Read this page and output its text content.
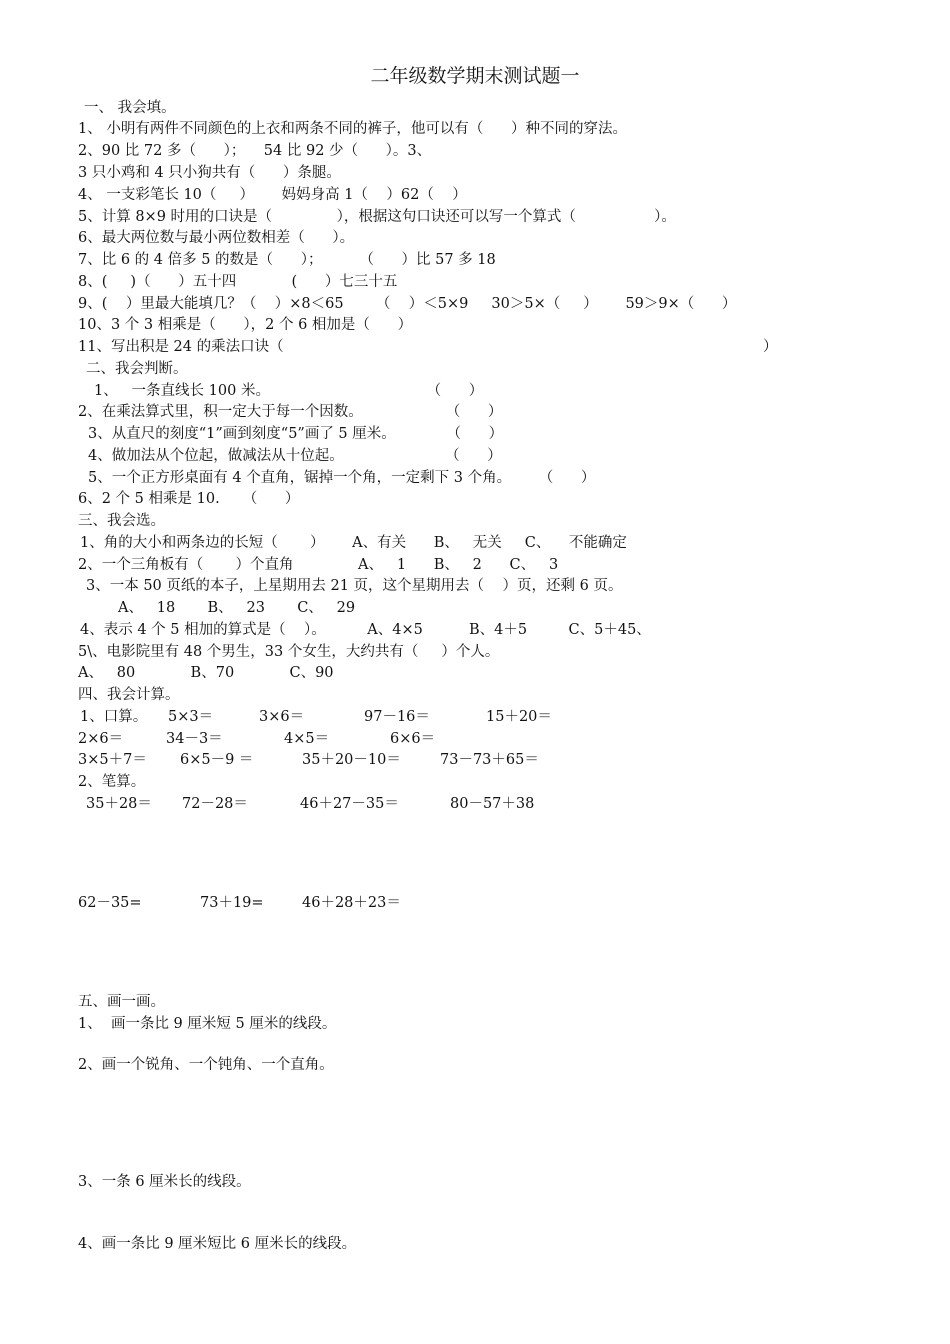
二年级数学期末测试题一
一、 我会填。
1、 小明有两件不同颜色的上衣和两条不同的裤子，他可以有（      ）种不同的穿法。
2、90 比 72 多（      ）；    54 比 92 少（      ）。3、
3 只小鸡和 4 只小狗共有（      ）条腿。
4、 一支彩笔长 10（     ）      妈妈身高 1（    ）62（    ）
5、计算 8×9 时用的口诀是（              ），根据这句口诀还可以写一个算式（                 ）。
6、最大两位数与最小两位数相差（      ）。
7、比 6 的 4 倍多 5 的数是（      ）；        （      ）比 57 多 18
8、(     )（      ）五十四            (      ）七三十五
9、(    ）里最大能填几？（    ）×8＜65       （    ）＜5×9     30＞5×（     ）      59＞9×（      ）
10、3 个 3 相乘是（      ），2 个 6 相加是（      ）
11、写出积是 24 的乘法口诀（                                                                                                        ）
二、我会判断。
1、   一条直线长 100 米。                                  （      ）
2、在乘法算式里，积一定大于每一个因数。                  （      ）
3、从直尺的刻度“1”画到刻度“5”画了 5 厘米。           （      ）
4、做加法从个位起，做减法从十位起。                      （      ）
5、一个正方形桌面有 4 个直角，锯掉一个角，一定剩下 3 个角。      （      ）
6、2 个 5 相乘是 10.     （      ）
三、我会选。
1、角的大小和两条边的长短（       ）      A、有关      B、   无关     C、    不能确定
2、一个三角板有（       ）个直角              A、   1      B、   2      C、   3
3、一本 50 页纸的本子，上星期用去 21 页，这个星期用去（    ）页，还剩 6 页。
A、   18       B、   23       C、   29
4、表示 4 个 5 相加的算式是（    ）。         A、4×5          B、4＋5         C、5＋45、
5\、电影院里有 48 个男生，33 个女生，大约共有（     ）个人。
A、   80            B、70            C、90
四、我会计算。
1、口算。 5×3＝	3×6＝	97－16＝	15＋20＝
2×6＝	34－3＝	4×5＝	6×6＝
3×5＋7＝ 6×5－9 ＝	35＋20－10＝	73－73＋65＝
2、笔算。
35＋28＝ 72－28＝	46＋27－35＝	80－57＋38
62－35=	73＋19=	46＋28＋23＝
五、画一画。
1、  画一条比 9 厘米短 5 厘米的线段。
2、画一个锐角、一个钝角、一个直角。
3、一条 6 厘米长的线段。
4、画一条比 9 厘米短比 6 厘米长的线段。
